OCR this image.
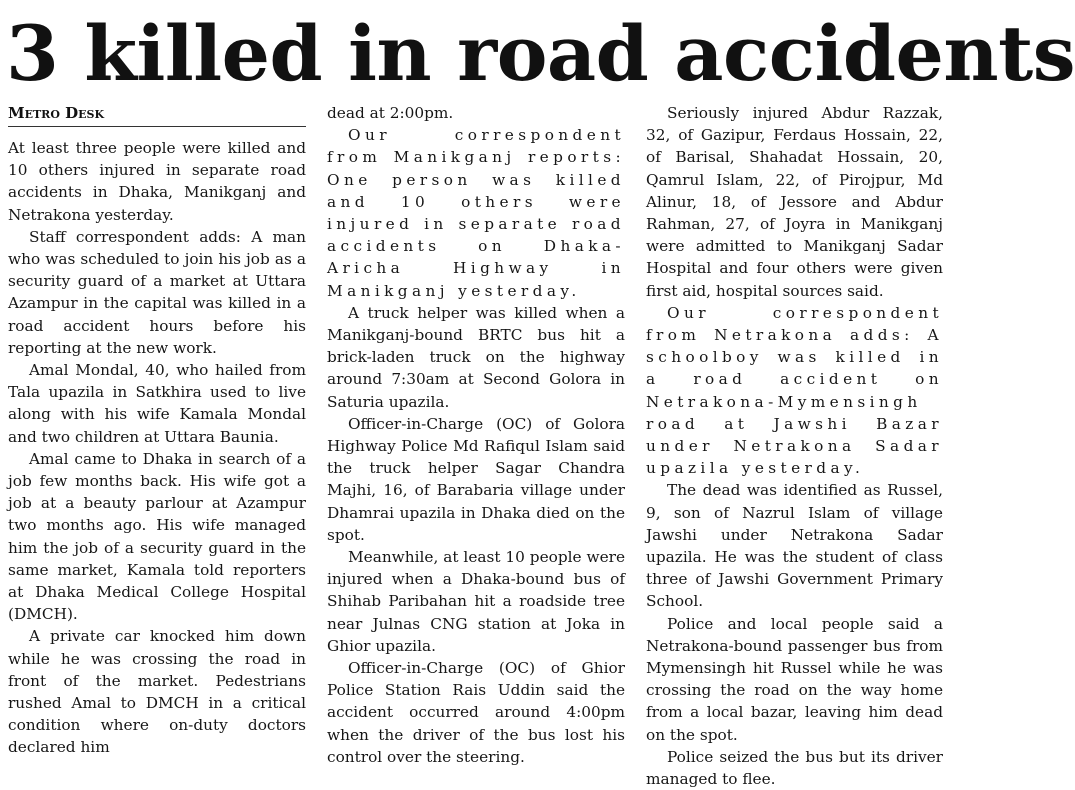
3 killed in road accidents
Metro Desk

At least three people were killed and 10 others injured in separate road accidents in Dhaka, Manikganj and Netrakona yesterday.

Staff correspondent adds: A man who was scheduled to join his job as a security guard of a market at Uttara Azampur in the capital was killed in a road accident hours before his reporting at the new work.

Amal Mondal, 40, who hailed from Tala upazila in Satkhira used to live along with his wife Kamala Mondal and two children at Uttara Baunia.

Amal came to Dhaka in search of a job few months back. His wife got a job at a beauty parlour at Azampur two months ago. His wife managed him the job of a security guard in the same market, Kamala told reporters at Dhaka Medical College Hospital (DMCH).

A private car knocked him down while he was crossing the road in front of the market. Pedestrians rushed Amal to DMCH in a critical condition where on-duty doctors declared him

dead at 2:00pm.

Our correspondent from Manikganj reports: One person was killed and 10 others were injured in separate road accidents on Dhaka-Aricha Highway in Manikganj yesterday.

A truck helper was killed when a Manikganj-bound BRTC bus hit a brick-laden truck on the highway around 7:30am at Second Golora in Saturia upazila.

Officer-in-Charge (OC) of Golora Highway Police Md Rafiqul Islam said the truck helper Sagar Chandra Majhi, 16, of Barabaria village under Dhamrai upazila in Dhaka died on the spot.

Meanwhile, at least 10 people were injured when a Dhaka-bound bus of Shihab Paribahan hit a roadside tree near Julnas CNG station at Joka in Ghior upazila.

Officer-in-Charge (OC) of Ghior Police Station Rais Uddin said the accident occurred around 4:00pm when the driver of the bus lost his control over the steering.

Seriously injured Abdur Razzak, 32, of Gazipur, Ferdaus Hossain, 22, of Barisal, Shahadat Hossain, 20, Qamrul Islam, 22, of Pirojpur, Md Alinur, 18, of Jessore and Abdur Rahman, 27, of Joyra in Manikganj were admitted to Manikganj Sadar Hospital and four others were given first aid, hospital sources said.

Our correspondent from Netrakona adds: A schoolboy was killed in a road accident on Netrakona-Mymensingh road at Jawshi Bazar under Netrakona Sadar upazila yesterday.

The dead was identified as Russel, 9, son of Nazrul Islam of village Jawshi under Netrakona Sadar upazila. He was the student of class three of Jawshi Government Primary School.

Police and local people said a Netrakona-bound passenger bus from Mymensingh hit Russel while he was crossing the road on the way home from a local bazar, leaving him dead on the spot.

Police seized the bus but its driver managed to flee.
